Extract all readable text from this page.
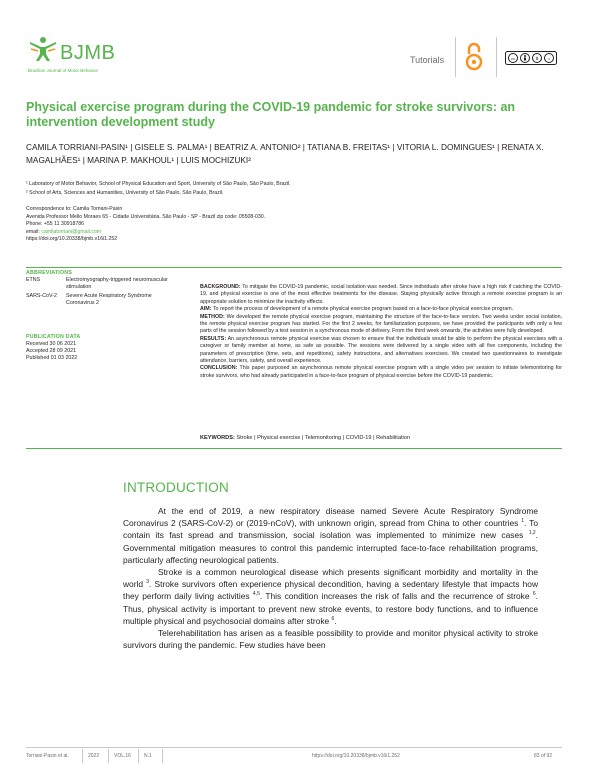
BJMB
Brazilian Journal of Motor Behavior
Tutorials	cc	$ =
Physical exercise program during the COVID-19 pandemic for stroke survivors: an intervention development study
CAMILA TORRIANI-PASIN¹ | GISELE S. PALMA¹ | BEATRIZ A. ANTONIO² | TATIANA B. FREITAS¹ | VITORIA L. DOMINGUES¹ | RENATA X. MAGALHÃES¹ | MARINA P. MAKHOUL¹ | LUIS MOCHIZUKI²
¹ Laboratory of Motor Behavior, School of Physical Education and Sport, University of São Paulo, São Paulo, Brazil.
² School of Arts, Sciences and Humanities, University of São Paulo, São Paulo, Brazil.
Correspondence to: Camila Torriani-Pasin
Avenida Professor Mello Moraes 65 - Cidade Universitária. São Paulo - SP - Brazil zip code: 05508-030.
Phone: +55 11 30918786
email: camilatorriani@gmail.com
https://doi.org/10.20338/bjmb.v16i1.252
ABBREVIATIONS
ETNS	Electromyography-triggered neuromuscular stimulation
SARS-CoV-2 Severe Acute Respiratory Syndrome Coronavirus 2
PUBLICATION DATA
Received 30 06 2021
Accepted 28 09 2021
Published 01 03 2022

BACKGROUND: To mitigate the COVID-19 pandemic, social isolation was needed. Since individuals after stroke have a high risk if catching the COVID-19, and physical exercise is one of the most effective treatments for the disease. Staying physically active through a remote exercise program is an appropriate solution to minimize the inactivity effects.

AIM: To report the process of development of a remote physical exercise program based on a face-to-face physical exercise program.

METHOD: We developed the remote physical exercise program, maintaining the structure of the face-to-face version. Two weeks under social isolation, the remote physical exercise program has started. For the first 2 weeks, for familiarization purposes, we have provided the participants with only a few parts of the session followed by a test session in a synchronous mode of delivery. From the third week onwards, the activities were fully developed.

RESULTS: An asynchronous remote physical exercise was chosen to ensure that the individuals would be able to perform the physical exercises with a caregiver or family member at home, as safe as possible. The sessions were delivered by a single video with all five components, including the parameters of prescription (time, sets, and repetitions), safety instructions, and alternatives exercises. We created two questionnaires to investigate attendance, barriers, safety, and overall experience.

CONCLUSION: This paper purposed an asynchronous remote physical exercise program with a single video per session to initiate telemonitoring for stroke survivors, who had already participated in a face-to-face program of physical exercise before the COVID-19 pandemic.

KEYWORDS: Stroke | Physical exercise | Telemonitoring | COVID-19 | Rehabilitation
INTRODUCTION

At the end of 2019, a new respiratory disease named Severe Acute Respiratory Syndrome Coronavirus 2 (SARS-CoV-2) or (2019-nCoV), with unknown origin, spread from China to other countries $^1$. To contain its fast spread and transmission, social isolation was implemented to minimize new cases $^{1,2}$. Governmental mitigation measures to control this pandemic interrupted face-to-face rehabilitation programs, particularly affecting neurological patients.

Stroke is a common neurological disease which presents significant morbidity and mortality in the world $^3$. Stroke survivors often experience physical decondition, having a sedentary lifestyle that impacts how they perform daily living activities $^{4,5}$. This condition increases the risk of falls and the recurrence of stroke $^6$. Thus, physical activity is important to prevent new stroke events, to restore body functions, and to influence multiple physical and psychosocial domains after stroke $^6$.

Telerehabilitation has arisen as a feasible possibility to provide and monitor physical activity to stroke survivors during the pandemic. Few studies have been

Torriani-Pasin et al.	2022	VOL.16	N.1	https://doi.org/10.20338/bjmb.v16i1.252	83 of 92
